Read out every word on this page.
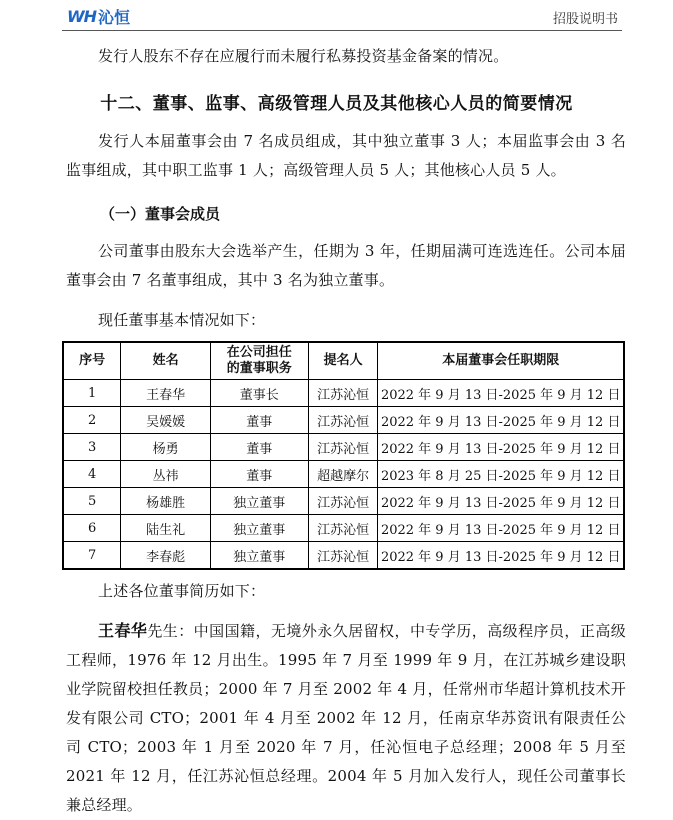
WH 沁恒	招股说明书
发行人股东不存在应履行而未履行私募投资基金备案的情况。
十二、董事、监事、高级管理人员及其他核心人员的简要情况
发行人本届董事会由 7 名成员组成，其中独立董事 3 人；本届监事会由 3 名监事组成，其中职工监事 1 人；高级管理人员 5 人；其他核心人员 5 人。
（一）董事会成员
公司董事由股东大会选举产生，任期为 3 年，任期届满可连选连任。公司本届董事会由 7 名董事组成，其中 3 名为独立董事。
现任董事基本情况如下：
序号	姓名	在公司担任的董事职务	提名人	本届董事会任职期限
1	王春华	董事长	江苏沁恒	2022 年 9 月 13 日-2025 年 9 月 12 日
2	吴媛媛	董事	江苏沁恒	2022 年 9 月 13 日-2025 年 9 月 12 日
3	杨勇	董事	江苏沁恒	2022 年 9 月 13 日-2025 年 9 月 12 日
4	丛祎	董事	超越摩尔	2023 年 8 月 25 日-2025 年 9 月 12 日
5	杨雄胜	独立董事	江苏沁恒	2022 年 9 月 13 日-2025 年 9 月 12 日
6	陆生礼	独立董事	江苏沁恒	2022 年 9 月 13 日-2025 年 9 月 12 日
7	李春彪	独立董事	江苏沁恒	2022 年 9 月 13 日-2025 年 9 月 12 日
上述各位董事简历如下：
王春华先生：中国国籍，无境外永久居留权，中专学历，高级程序员，正高级工程师，1976 年 12 月出生。1995 年 7 月至 1999 年 9 月，在江苏城乡建设职业学院留校担任教员；2000 年 7 月至 2002 年 4 月，任常州市华超计算机技术开发有限公司 CTO；2001 年 4 月至 2002 年 12 月，任南京华苏资讯有限责任公司 CTO；2003 年 1 月至 2020 年 7 月，任沁恒电子总经理；2008 年 5 月至 2021 年 12 月，任江苏沁恒总经理。2004 年 5 月加入发行人，现任公司董事长兼总经理。
